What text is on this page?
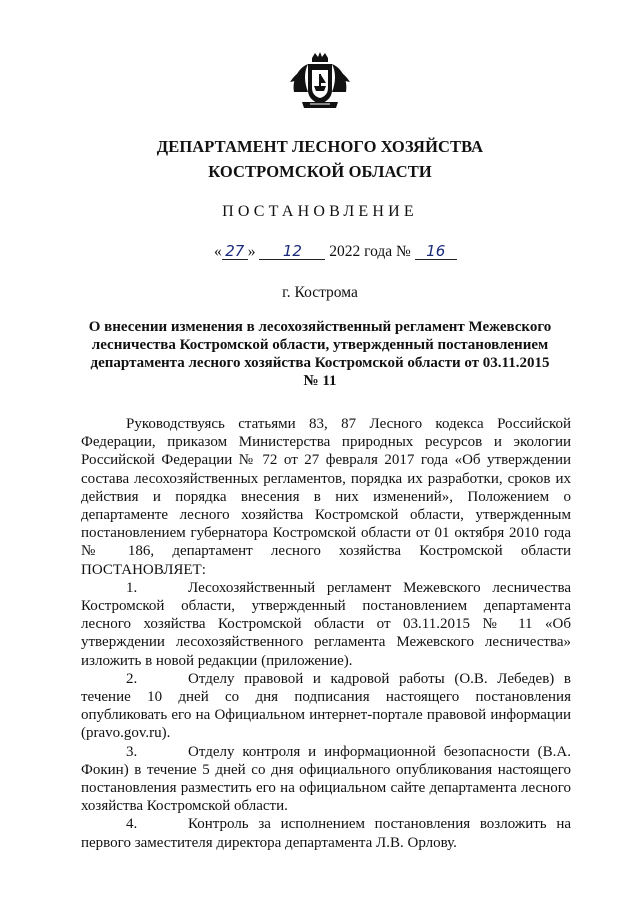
ДЕПАРТАМЕНТ ЛЕСНОГО ХОЗЯЙСТВА
КОСТРОМСКОЙ ОБЛАСТИ
ПОСТАНОВЛЕНИЕ
« 27 » 12 2022 года № 16
г. Кострома
О внесении изменения в лесохозяйственный регламент Межевского лесничества Костромской области, утвержденный постановлением департамента лесного хозяйства Костромской области от 03.11.2015 № 11

Руководствуясь статьями 83, 87 Лесного кодекса Российской Федерации, приказом Министерства природных ресурсов и экологии Российской Федерации № 72 от 27 февраля 2017 года «Об утверждении состава лесохозяйственных регламентов, порядка их разработки, сроков их действия и порядка внесения в них изменений», Положением о департаменте лесного хозяйства Костромской области, утвержденным постановлением губернатора Костромской области от 01 октября 2010 года № 186, департамент лесного хозяйства Костромской области ПОСТАНОВЛЯЕТ:

1.	Лесохозяйственный регламент Межевского лесничества Костромской области, утвержденный постановлением департамента лесного хозяйства Костромской области от 03.11.2015 № 11 «Об утверждении лесохозяйственного регламента Межевского лесничества» изложить в новой редакции (приложение).

2.	Отделу правовой и кадровой работы (О.В. Лебедев) в течение 10 дней со дня подписания настоящего постановления опубликовать его на Официальном интернет-портале правовой информации (pravo.gov.ru).

3.	Отделу контроля и информационной безопасности (В.А. Фокин) в течение 5 дней со дня официального опубликования настоящего постановления разместить его на официальном сайте департамента лесного хозяйства Костромской области.

4.	Контроль за исполнением постановления возложить на первого заместителя директора департамента Л.В. Орлову.
